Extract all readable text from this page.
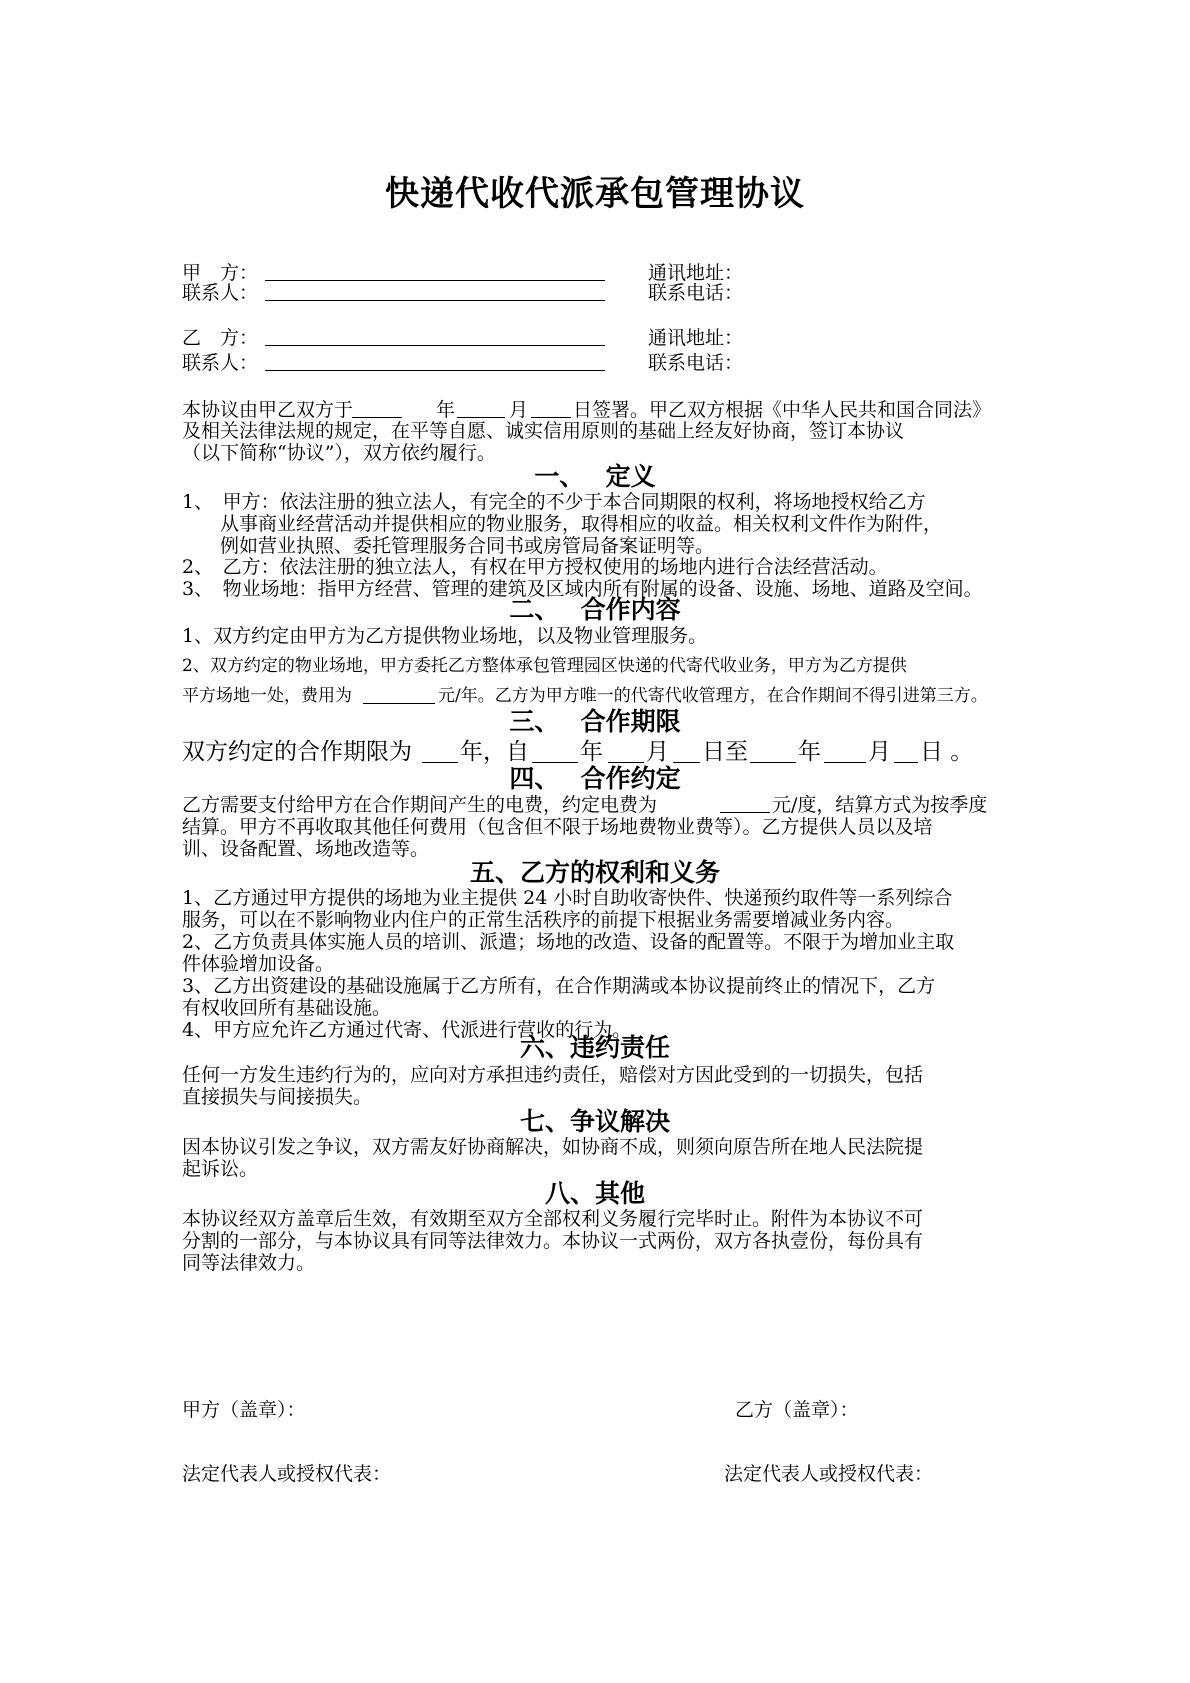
快递代收代派承包管理协议
甲　方：	通讯地址：
联系人：	联系电话：
乙　方：	通讯地址：
联系人：	联系电话：
本协议由甲乙双方于	年	月 日签署。甲乙双方根据《中华人民共和国合同法》
及相关法律法规的规定，在平等自愿、诚实信用原则的基础上经友好协商，签订本协议
（以下简称“协议”），双方依约履行。
一、　 定义
1、　甲方：依法注册的独立法人，有完全的不少于本合同期限的权利，将场地授权给乙方
从事商业经营活动并提供相应的物业服务，取得相应的收益。相关权利文件作为附件，
例如营业执照、委托管理服务合同书或房管局备案证明等。
2、　乙方：依法注册的独立法人，有权在甲方授权使用的场地内进行合法经营活动。
3、　物业场地：指甲方经营、管理的建筑及区域内所有附属的设备、设施、场地、道路及空间。
二、　 合作内容
1、双方约定由甲方为乙方提供物业场地，以及物业管理服务。
2、双方约定的物业场地，甲方委托乙方整体承包管理园区快递的代寄代收业务，甲方为乙方提供
平方场地一处，费用为	元/年。乙方为甲方唯一的代寄代收管理方，在合作期间不得引进第三方。
三、　 合作期限
双方约定的合作期限为 年，自 年 月 日至 年 月 日 。
四、　 合作约定
乙方需要支付给甲方在合作期间产生的电费，约定电费为	元/度，结算方式为按季度
结算。甲方不再收取其他任何费用（包含但不限于场地费物业费等）。乙方提供人员以及培
训、设备配置、场地改造等。
五、乙方的权利和义务
1、乙方通过甲方提供的场地为业主提供 24 小时自助收寄快件、快递预约取件等一系列综合
服务，可以在不影响物业内住户的正常生活秩序的前提下根据业务需要增减业务内容。
2、乙方负责具体实施人员的培训、派遣；场地的改造、设备的配置等。不限于为增加业主取
件体验增加设备。
3、乙方出资建设的基础设施属于乙方所有，在合作期满或本协议提前终止的情况下，乙方
有权收回所有基础设施。
4、甲方应允许乙方通过代寄、代派进行营收的行为。
六、违约责任
任何一方发生违约行为的，应向对方承担违约责任，赔偿对方因此受到的一切损失，包括
直接损失与间接损失。
七、争议解决
因本协议引发之争议，双方需友好协商解决，如协商不成，则须向原告所在地人民法院提
起诉讼。
八、其他
本协议经双方盖章后生效，有效期至双方全部权利义务履行完毕时止。附件为本协议不可
分割的一部分，与本协议具有同等法律效力。本协议一式两份，双方各执壹份，每份具有
同等法律效力。
甲方（盖章）：	乙方（盖章）：
法定代表人或授权代表：	法定代表人或授权代表：
